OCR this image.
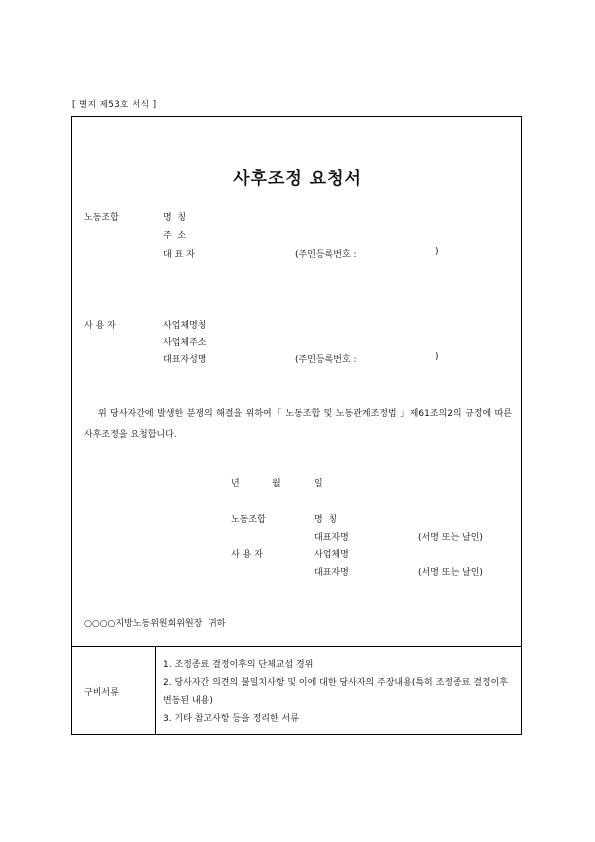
[ 별지 제53호 서식 ]
사후조정 요청서
노동조합	명  칭
주  소
대 표 자	(주민등록번호 :	)
사 용 자	사업체명칭
사업체주소
대표자성명	(주민등록번호 :	)
위 당사자간에 발생한 분쟁의 해결을 위하여「 노동조합 및 노동관계조정법 」제61조의2의 규정에 따른 사후조정을 요청합니다.
년	월	일
노동조합	명  칭
대표자명	(서명 또는 날인)
사 용 자	사업체명
대표자명	(서명 또는 날인)
○○○○지방노동위원회위원장  귀하
구비서류
1. 조정종료 결정이후의 단체교섭 경위
2. 당사자간 의견의 불일치사항 및 이에 대한 당사자의 주장내용(특히 조정종료 결정이후 변동된 내용)
3. 기타 참고사항 등을 정리한 서류
